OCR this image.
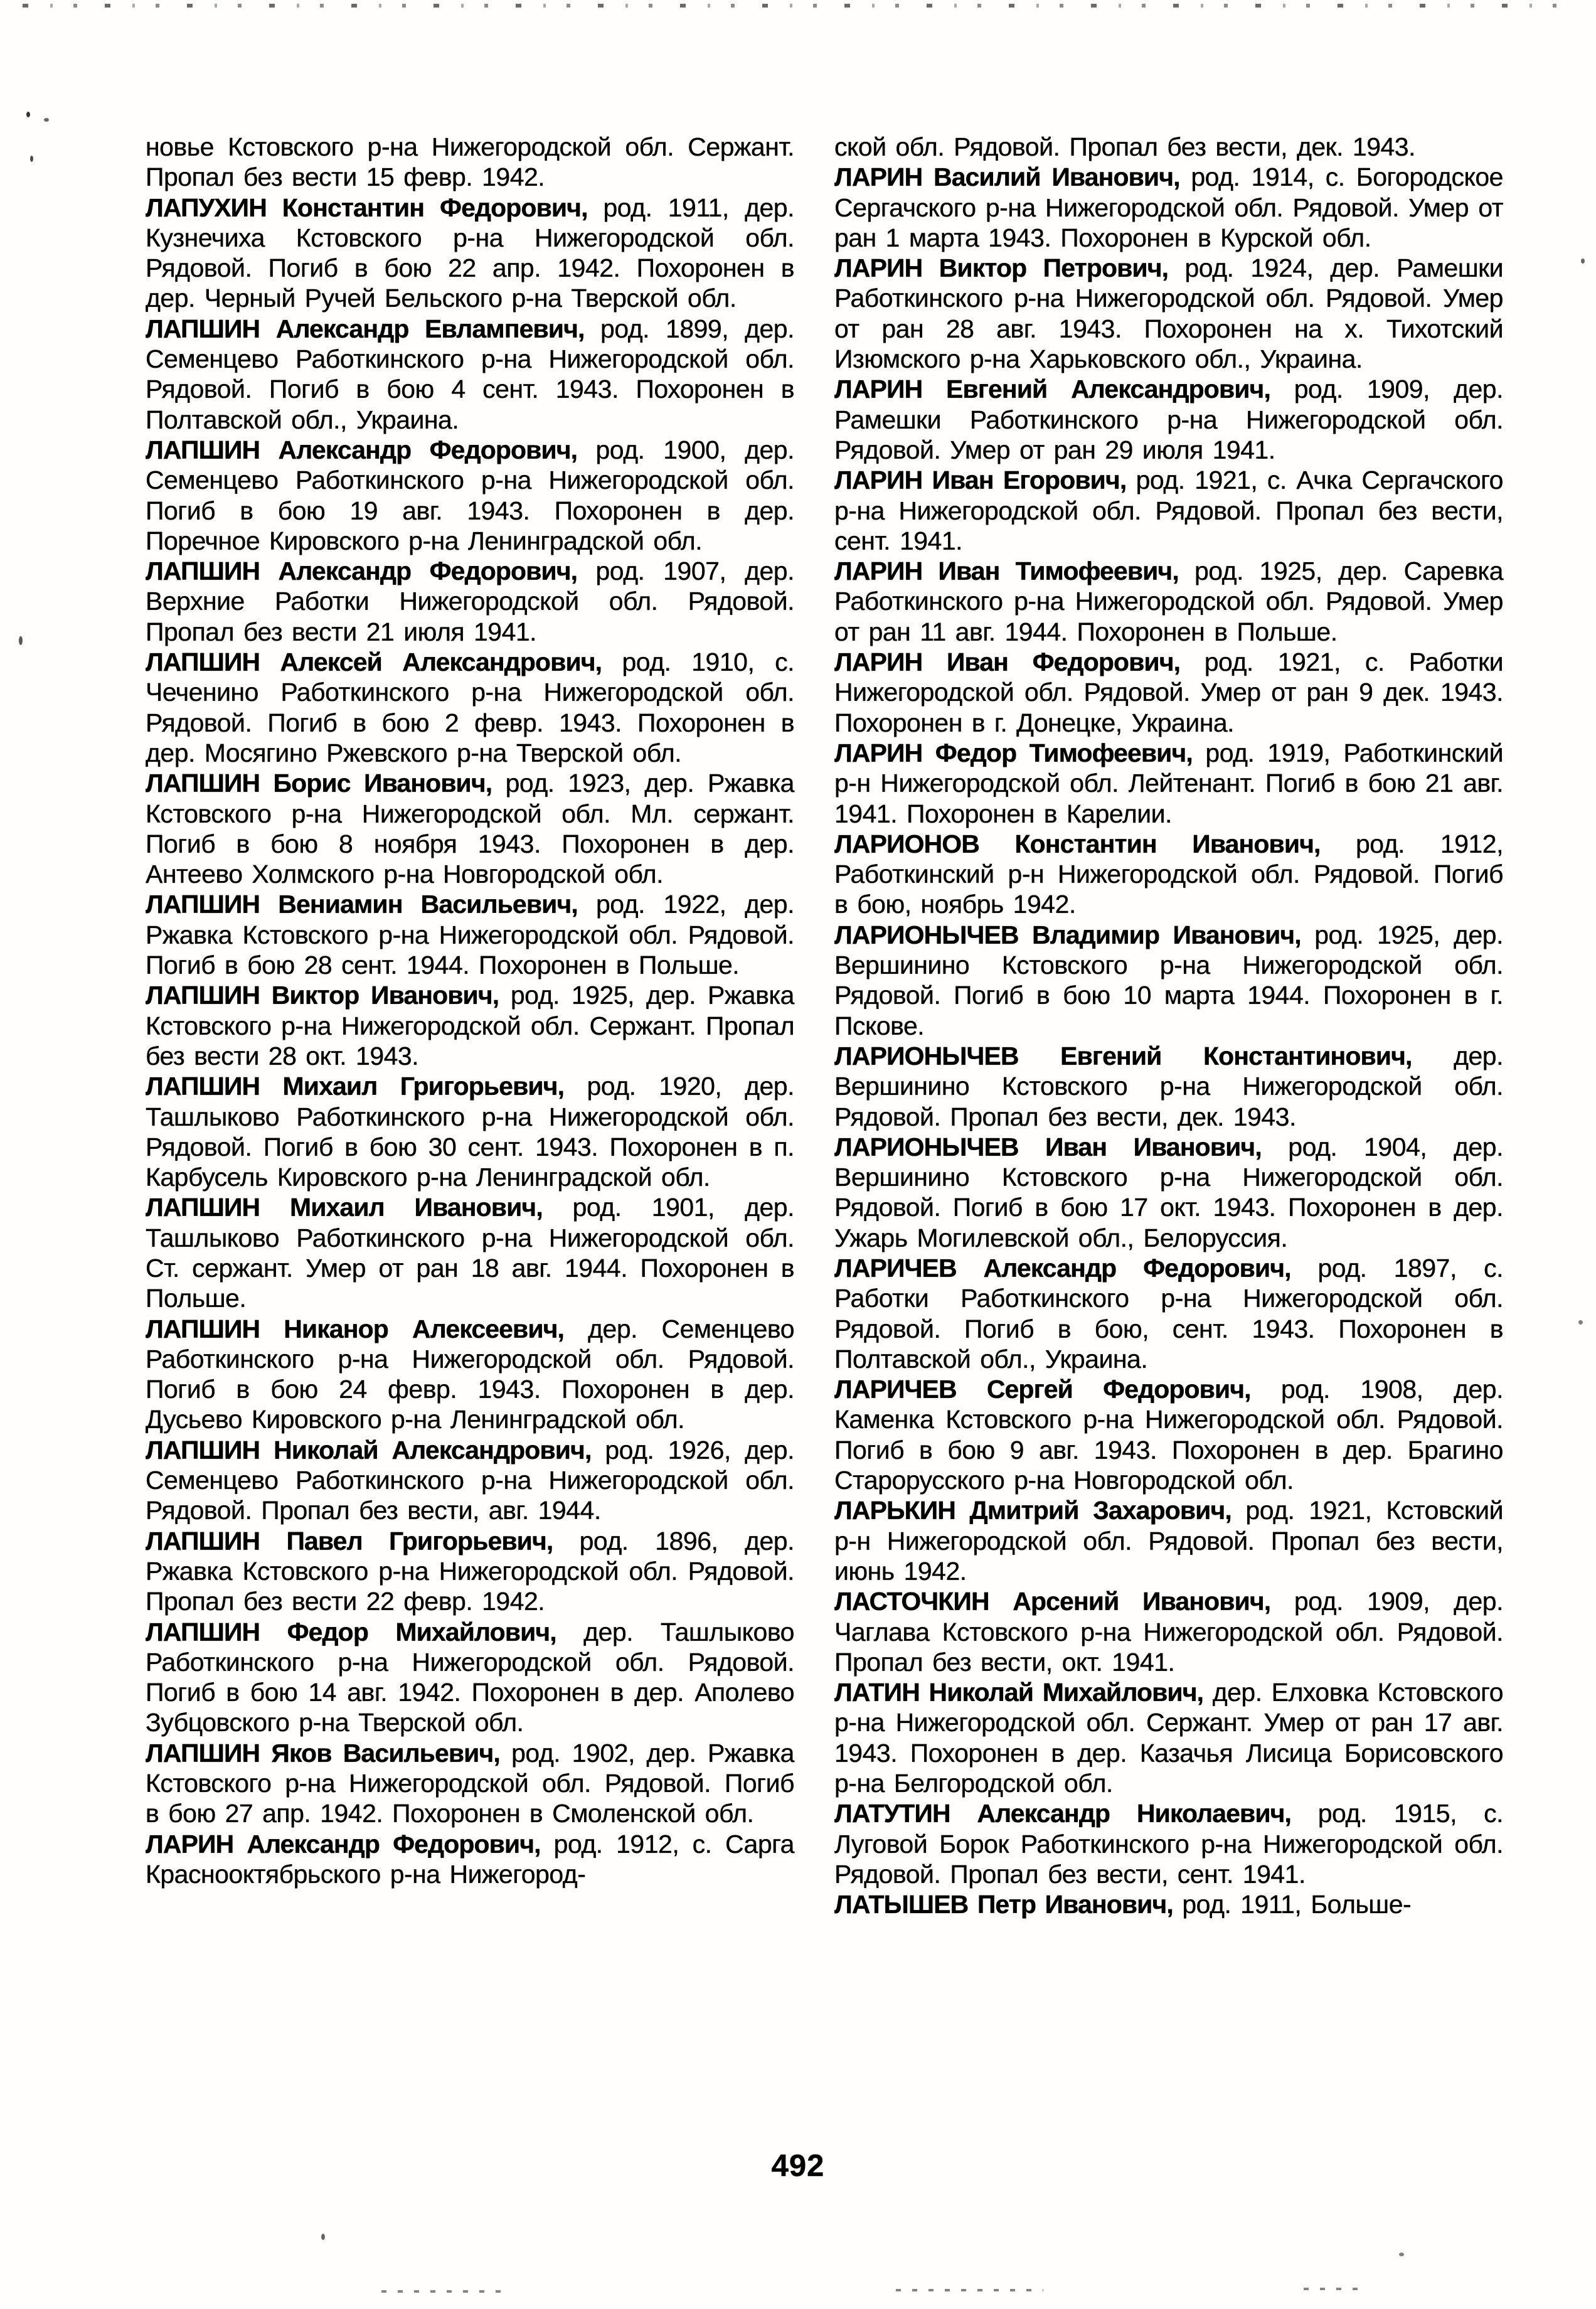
новье Кстовского р-на Нижегородской обл. Сержант. Пропал без вести 15 февр. 1942.

ЛАПУХИН Константин Федорович, род. 1911, дер. Кузнечиха Кстовского р-на Нижегородской обл. Рядовой. Погиб в бою 22 апр. 1942. Похоронен в дер. Черный Ручей Бельского р-на Тверской обл.

ЛАПШИН Александр Евлампевич, род. 1899, дер. Семенцево Работкинского р-на Нижегородской обл. Рядовой. Погиб в бою 4 сент. 1943. Похоронен в Полтавской обл., Украина.

ЛАПШИН Александр Федорович, род. 1900, дер. Семенцево Работкинского р-на Нижегородской обл. Погиб в бою 19 авг. 1943. Похоронен в дер. Поречное Кировского р-на Ленинградской обл.

ЛАПШИН Александр Федорович, род. 1907, дер. Верхние Работки Нижегородской обл. Рядовой. Пропал без вести 21 июля 1941.

ЛАПШИН Алексей Александрович, род. 1910, с. Чеченино Работкинского р-на Нижегородской обл. Рядовой. Погиб в бою 2 февр. 1943. Похоронен в дер. Мосягино Ржевского р-на Тверской обл.

ЛАПШИН Борис Иванович, род. 1923, дер. Ржавка Кстовского р-на Нижегородской обл. Мл. сержант. Погиб в бою 8 ноября 1943. Похоронен в дер. Антеево Холмского р-на Новгородской обл.

ЛАПШИН Вениамин Васильевич, род. 1922, дер. Ржавка Кстовского р-на Нижегородской обл. Рядовой. Погиб в бою 28 сент. 1944. Похоронен в Польше.

ЛАПШИН Виктор Иванович, род. 1925, дер. Ржавка Кстовского р-на Нижегородской обл. Сержант. Пропал без вести 28 окт. 1943.

ЛАПШИН Михаил Григорьевич, род. 1920, дер. Ташлыково Работкинского р-на Нижегородской обл. Рядовой. Погиб в бою 30 сент. 1943. Похоронен в п. Карбусель Кировского р-на Ленинградской обл.

ЛАПШИН Михаил Иванович, род. 1901, дер. Ташлыково Работкинского р-на Нижегородской обл. Ст. сержант. Умер от ран 18 авг. 1944. Похоронен в Польше.

ЛАПШИН Никанор Алексеевич, дер. Семенцево Работкинского р-на Нижегородской обл. Рядовой. Погиб в бою 24 февр. 1943. Похоронен в дер. Дусьево Кировского р-на Ленинградской обл.

ЛАПШИН Николай Александрович, род. 1926, дер. Семенцево Работкинского р-на Нижегородской обл. Рядовой. Пропал без вести, авг. 1944.

ЛАПШИН Павел Григорьевич, род. 1896, дер. Ржавка Кстовского р-на Нижегородской обл. Рядовой. Пропал без вести 22 февр. 1942.

ЛАПШИН Федор Михайлович, дер. Ташлыково Работкинского р-на Нижегородской обл. Рядовой. Погиб в бою 14 авг. 1942. Похоронен в дер. Аполево Зубцовского р-на Тверской обл.

ЛАПШИН Яков Васильевич, род. 1902, дер. Ржавка Кстовского р-на Нижегородской обл. Рядовой. Погиб в бою 27 апр. 1942. Похоронен в Смоленской обл.

ЛАРИН Александр Федорович, род. 1912, с. Сарга Краснооктябрьского р-на Нижегород-

ской обл. Рядовой. Пропал без вести, дек. 1943.

ЛАРИН Василий Иванович, род. 1914, с. Богородское Сергачского р-на Нижегородской обл. Рядовой. Умер от ран 1 марта 1943. Похоронен в Курской обл.

ЛАРИН Виктор Петрович, род. 1924, дер. Рамешки Работкинского р-на Нижегородской обл. Рядовой. Умер от ран 28 авг. 1943. Похоронен на х. Тихотский Изюмского р-на Харьковского обл., Украина.

ЛАРИН Евгений Александрович, род. 1909, дер. Рамешки Работкинского р-на Нижегородской обл. Рядовой. Умер от ран 29 июля 1941.

ЛАРИН Иван Егорович, род. 1921, с. Ачка Сергачского р-на Нижегородской обл. Рядовой. Пропал без вести, сент. 1941.

ЛАРИН Иван Тимофеевич, род. 1925, дер. Саревка Работкинского р-на Нижегородской обл. Рядовой. Умер от ран 11 авг. 1944. Похоронен в Польше.

ЛАРИН Иван Федорович, род. 1921, с. Работки Нижегородской обл. Рядовой. Умер от ран 9 дек. 1943. Похоронен в г. Донецке, Украина.

ЛАРИН Федор Тимофеевич, род. 1919, Работкинский р-н Нижегородской обл. Лейтенант. Погиб в бою 21 авг. 1941. Похоронен в Карелии.

ЛАРИОНОВ Константин Иванович, род. 1912, Работкинский р-н Нижегородской обл. Рядовой. Погиб в бою, ноябрь 1942.

ЛАРИОНЫЧЕВ Владимир Иванович, род. 1925, дер. Вершинино Кстовского р-на Нижегородской обл. Рядовой. Погиб в бою 10 марта 1944. Похоронен в г. Пскове.

ЛАРИОНЫЧЕВ Евгений Константинович, дер. Вершинино Кстовского р-на Нижегородской обл. Рядовой. Пропал без вести, дек. 1943.

ЛАРИОНЫЧЕВ Иван Иванович, род. 1904, дер. Вершинино Кстовского р-на Нижегородской обл. Рядовой. Погиб в бою 17 окт. 1943. Похоронен в дер. Ужарь Могилевской обл., Белоруссия.

ЛАРИЧЕВ Александр Федорович, род. 1897, с. Работки Работкинского р-на Нижегородской обл. Рядовой. Погиб в бою, сент. 1943. Похоронен в Полтавской обл., Украина.

ЛАРИЧЕВ Сергей Федорович, род. 1908, дер. Каменка Кстовского р-на Нижегородской обл. Рядовой. Погиб в бою 9 авг. 1943. Похоронен в дер. Брагино Старорусского р-на Новгородской обл.

ЛАРЬКИН Дмитрий Захарович, род. 1921, Кстовский р-н Нижегородской обл. Рядовой. Пропал без вести, июнь 1942.

ЛАСТОЧКИН Арсений Иванович, род. 1909, дер. Чаглава Кстовского р-на Нижегородской обл. Рядовой. Пропал без вести, окт. 1941.

ЛАТИН Николай Михайлович, дер. Елховка Кстовского р-на Нижегородской обл. Сержант. Умер от ран 17 авг. 1943. Похоронен в дер. Казачья Лисица Борисовского р-на Белгородской обл.

ЛАТУТИН Александр Николаевич, род. 1915, с. Луговой Борок Работкинского р-на Нижегородской обл. Рядовой. Пропал без вести, сент. 1941.

ЛАТЫШЕВ Петр Иванович, род. 1911, Больше-

492
